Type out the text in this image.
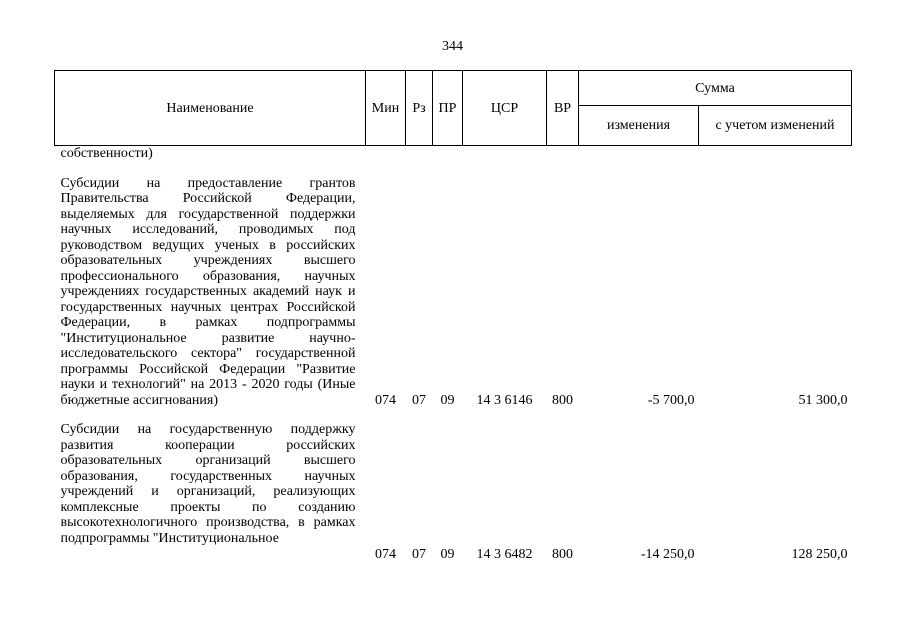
344
Наименование	Мин	Рз	ПР	ЦСР	ВР	Сумма	
						изменения	с учетом изменений
собственности)							

Субсидии на предоставление грантов Правительства Российской Федерации, выделяемых для государственной поддержки научных исследований, проводимых под руководством ведущих ученых в российских образовательных учреждениях высшего профессионального образования, научных учреждениях государственных академий наук и государственных научных центрах Российской Федерации, в рамках подпрограммы "Институциональное развитие научно-исследовательского сектора" государственной программы Российской Федерации "Развитие науки и технологий" на 2013 - 2020 годы (Иные бюджетные ассигнования)	074	07	09	14 3 6146	800	-5 700,0	51 300,0

Субсидии на государственную поддержку развития кооперации российских образовательных организаций высшего образования, государственных научных учреждений и организаций, реализующих комплексные проекты по созданию высокотехнологичного производства, в рамках подпрограммы "Институциональное	074	07	09	14 3 6482	800	-14 250,0	128 250,0
